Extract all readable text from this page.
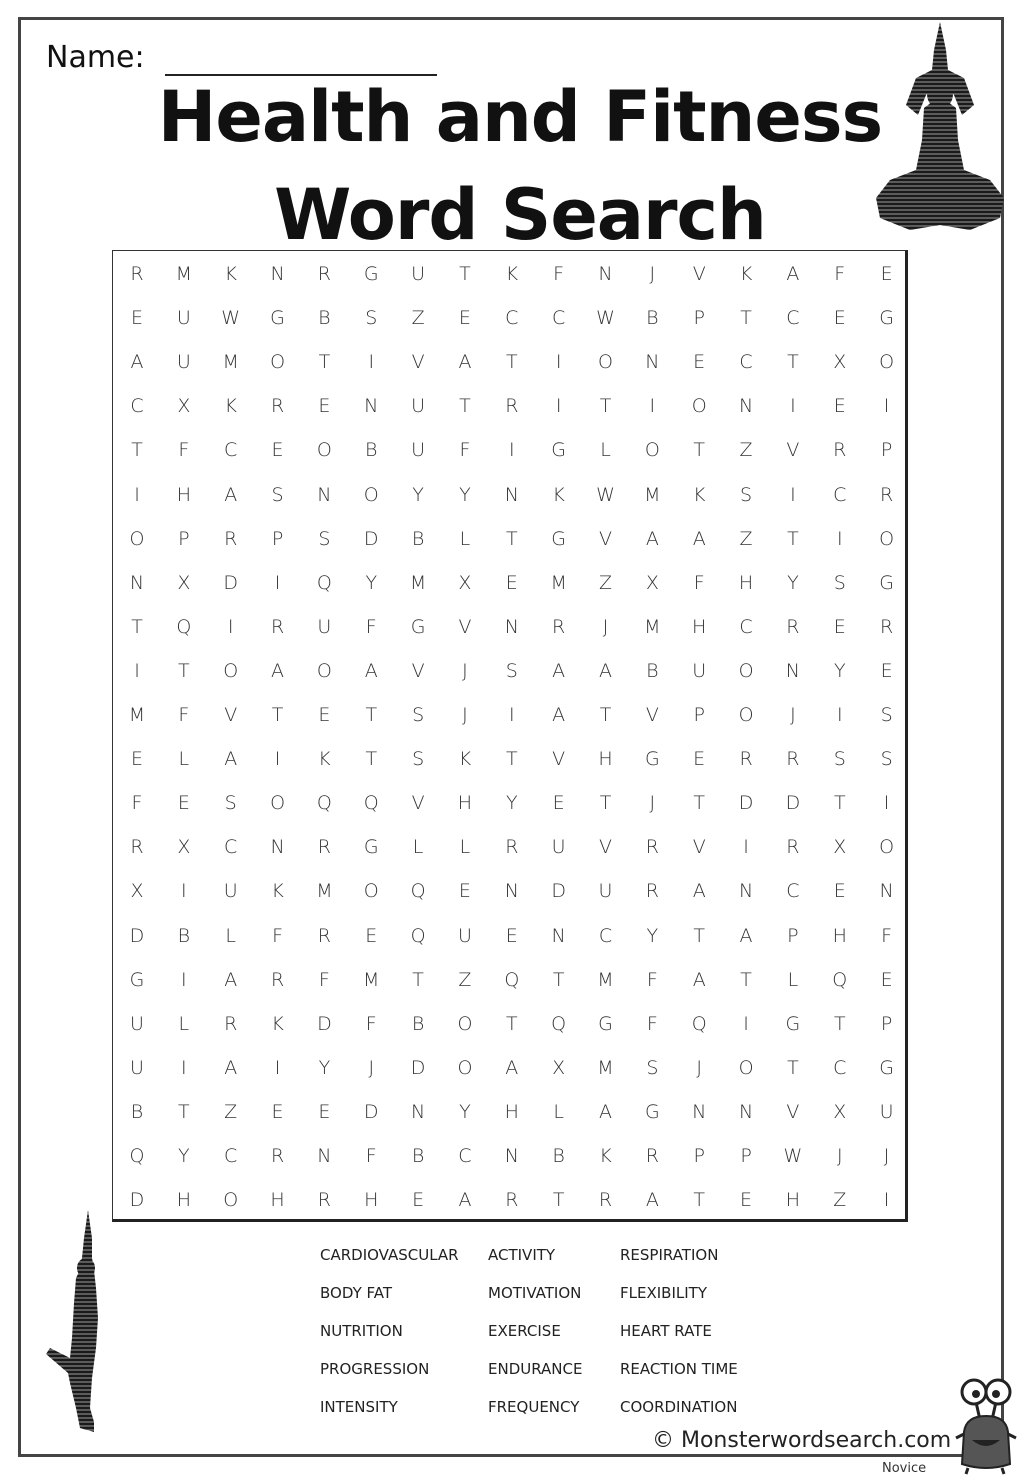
Name:
Health and Fitness
Word Search
R	M	K	N	R	G	U	T	K	F	N	J	V	K	A	F	E
E	U	W	G	B	S	Z	E	C	C	W	B	P	T	C	E	G
A	U	M	O	T	I	V	A	T	I	O	N	E	C	T	X	O
C	X	K	R	E	N	U	T	R	I	T	I	O	N	I	E	I
T	F	C	E	O	B	U	F	I	G	L	O	T	Z	V	R	P
I	H	A	S	N	O	Y	Y	N	K	W	M	K	S	I	C	R
O	P	R	P	S	D	B	L	T	G	V	A	A	Z	T	I	O
N	X	D	I	Q	Y	M	X	E	M	Z	X	F	H	Y	S	G
T	Q	I	R	U	F	G	V	N	R	J	M	H	C	R	E	R
I	T	O	A	O	A	V	J	S	A	A	B	U	O	N	Y	E
M	F	V	T	E	T	S	J	I	A	T	V	P	O	J	I	S
E	L	A	I	K	T	S	K	T	V	H	G	E	R	R	S	S
F	E	S	O	Q	Q	V	H	Y	E	T	J	T	D	D	T	I
R	X	C	N	R	G	L	L	R	U	V	R	V	I	R	X	O
X	I	U	K	M	O	Q	E	N	D	U	R	A	N	C	E	N
D	B	L	F	R	E	Q	U	E	N	C	Y	T	A	P	H	F
G	I	A	R	F	M	T	Z	Q	T	M	F	A	T	L	Q	E
U	L	R	K	D	F	B	O	T	Q	G	F	Q	I	G	T	P
U	I	A	I	Y	J	D	O	A	X	M	S	J	O	T	C	G
B	T	Z	E	E	D	N	Y	H	L	A	G	N	N	V	X	U
Q	Y	C	R	N	F	B	C	N	B	K	R	P	P	W	J	J
D	H	O	H	R	H	E	A	R	T	R	A	T	E	H	Z	I
CARDIOVASCULAR
BODY FAT
NUTRITION
PROGRESSION
INTENSITY
ACTIVITY
MOTIVATION
EXERCISE
ENDURANCE
FREQUENCY
RESPIRATION
FLEXIBILITY
HEART RATE
REACTION TIME
COORDINATION
© Monsterwordsearch.com
Novice
